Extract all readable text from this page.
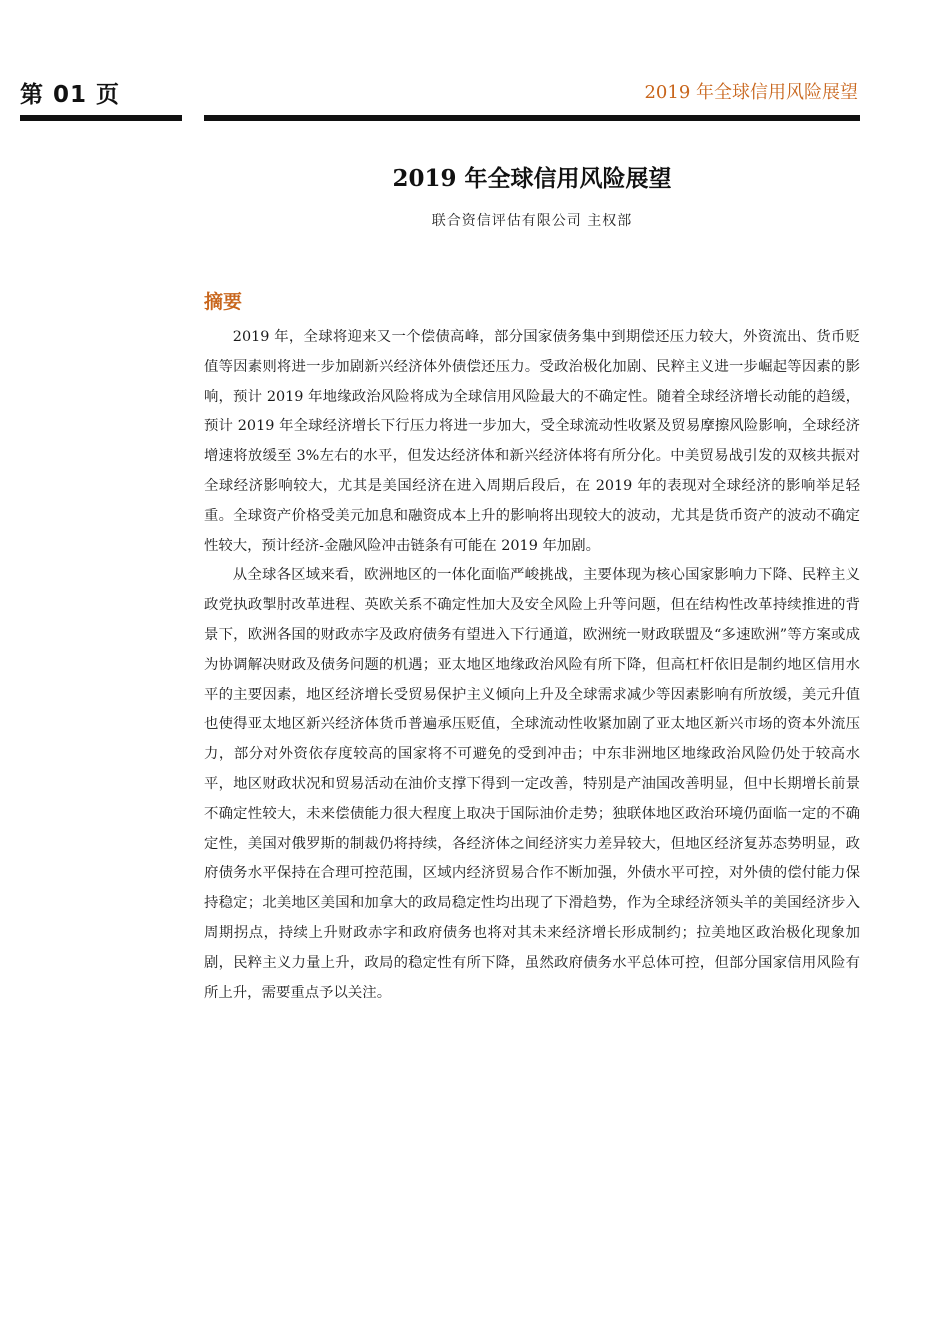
第 01 页	2019 年全球信用风险展望
2019 年全球信用风险展望
联合资信评估有限公司 主权部
摘要

2019 年，全球将迎来又一个偿债高峰，部分国家债务集中到期偿还压力较大，外资流出、货币贬值等因素则将进一步加剧新兴经济体外债偿还压力。受政治极化加剧、民粹主义进一步崛起等因素的影响，预计 2019 年地缘政治风险将成为全球信用风险最大的不确定性。随着全球经济增长动能的趋缓，预计 2019 年全球经济增长下行压力将进一步加大，受全球流动性收紧及贸易摩擦风险影响，全球经济增速将放缓至 3%左右的水平，但发达经济体和新兴经济体将有所分化。中美贸易战引发的双核共振对全球经济影响较大，尤其是美国经济在进入周期后段后，在 2019 年的表现对全球经济的影响举足轻重。全球资产价格受美元加息和融资成本上升的影响将出现较大的波动，尤其是货币资产的波动不确定性较大，预计经济-金融风险冲击链条有可能在 2019 年加剧。

从全球各区域来看，欧洲地区的一体化面临严峻挑战，主要体现为核心国家影响力下降、民粹主义政党执政掣肘改革进程、英欧关系不确定性加大及安全风险上升等问题，但在结构性改革持续推进的背景下，欧洲各国的财政赤字及政府债务有望进入下行通道，欧洲统一财政联盟及“多速欧洲”等方案或成为协调解决财政及债务问题的机遇；亚太地区地缘政治风险有所下降，但高杠杆依旧是制约地区信用水平的主要因素，地区经济增长受贸易保护主义倾向上升及全球需求减少等因素影响有所放缓，美元升值也使得亚太地区新兴经济体货币普遍承压贬值，全球流动性收紧加剧了亚太地区新兴市场的资本外流压力，部分对外资依存度较高的国家将不可避免的受到冲击；中东非洲地区地缘政治风险仍处于较高水平，地区财政状况和贸易活动在油价支撑下得到一定改善，特别是产油国改善明显，但中长期增长前景不确定性较大，未来偿债能力很大程度上取决于国际油价走势；独联体地区政治环境仍面临一定的不确定性，美国对俄罗斯的制裁仍将持续，各经济体之间经济实力差异较大，但地区经济复苏态势明显，政府债务水平保持在合理可控范围，区域内经济贸易合作不断加强，外债水平可控，对外债的偿付能力保持稳定；北美地区美国和加拿大的政局稳定性均出现了下滑趋势，作为全球经济领头羊的美国经济步入周期拐点，持续上升财政赤字和政府债务也将对其未来经济增长形成制约；拉美地区政治极化现象加剧，民粹主义力量上升，政局的稳定性有所下降，虽然政府债务水平总体可控，但部分国家信用风险有所上升，需要重点予以关注。
